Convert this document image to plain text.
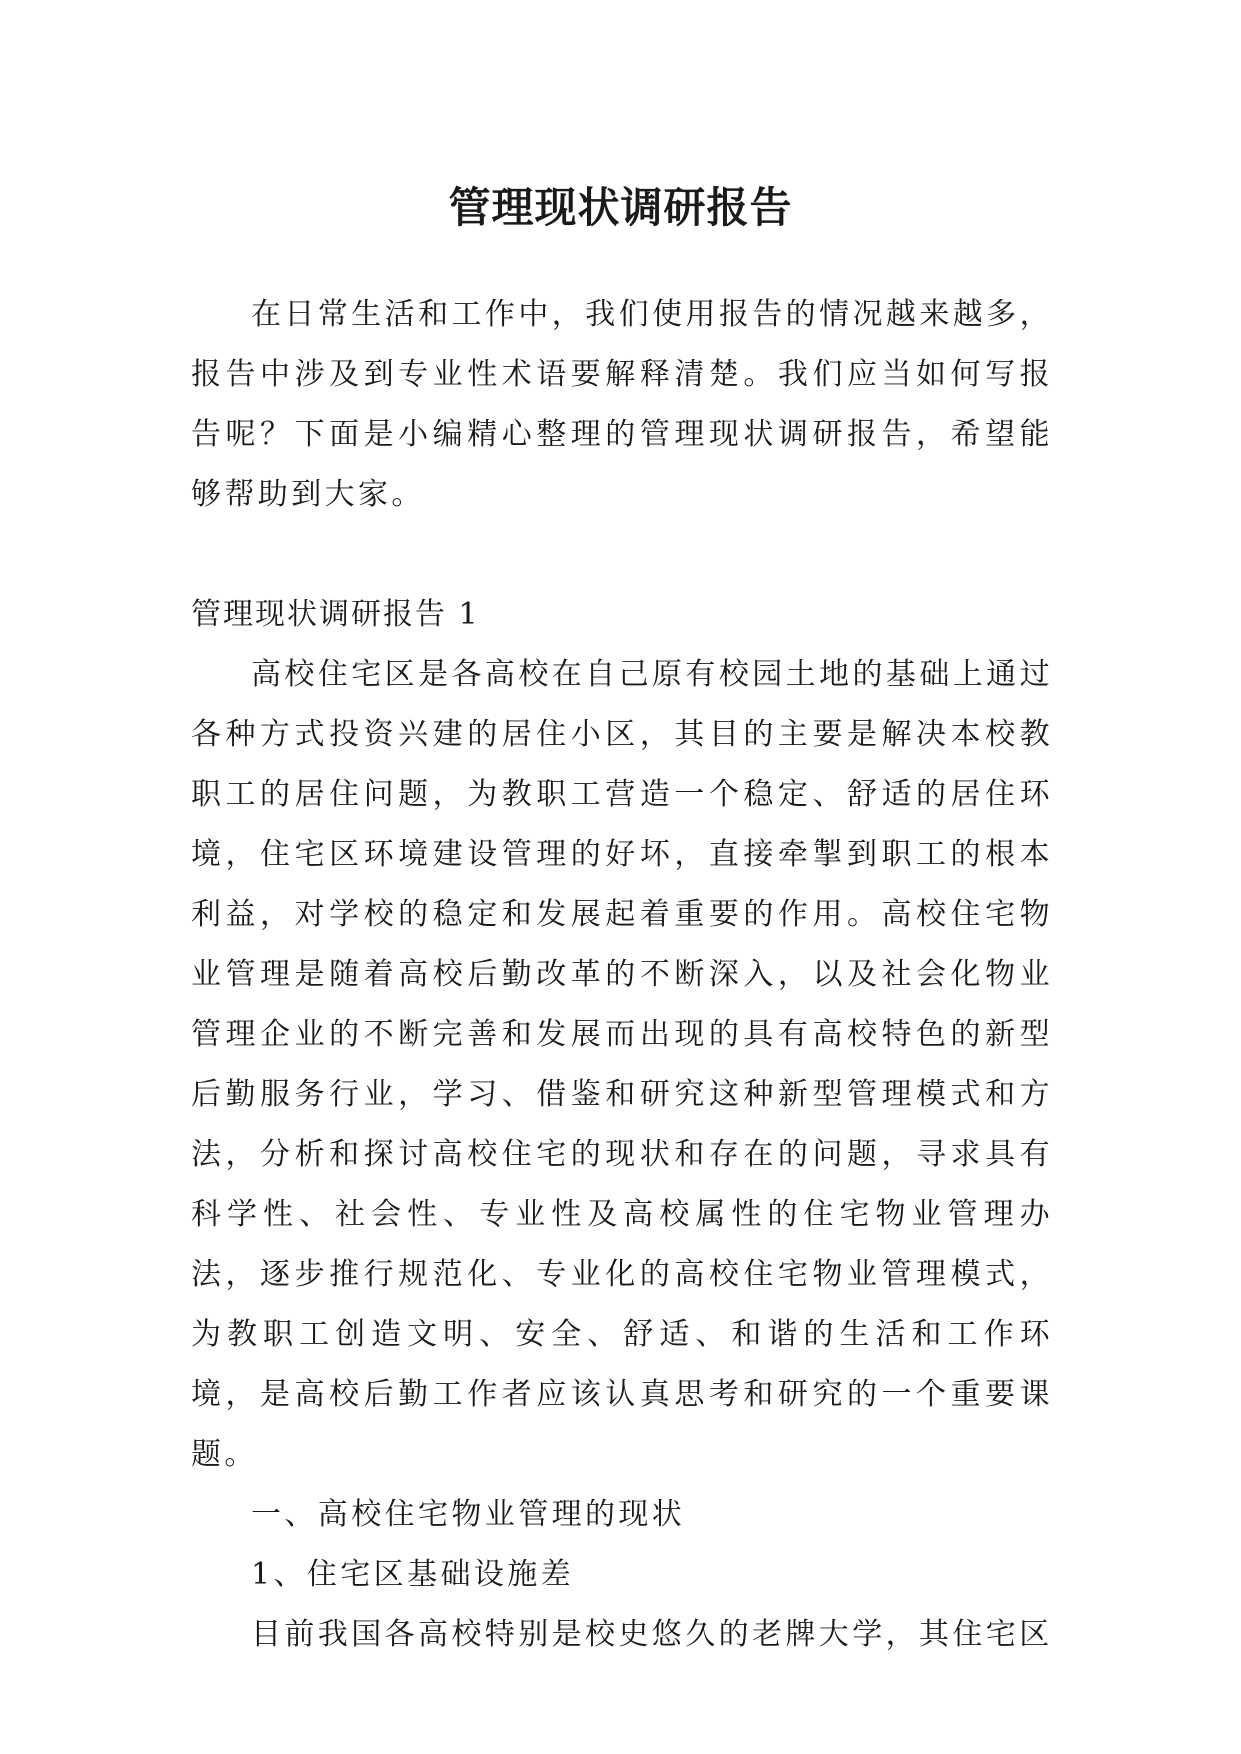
管理现状调研报告

在日常生活和工作中，我们使用报告的情况越来越多，报告中涉及到专业性术语要解释清楚。我们应当如何写报告呢？下面是小编精心整理的管理现状调研报告，希望能够帮助到大家。

管理现状调研报告 1

高校住宅区是各高校在自己原有校园土地的基础上通过各种方式投资兴建的居住小区，其目的主要是解决本校教职工的居住问题，为教职工营造一个稳定、舒适的居住环境，住宅区环境建设管理的好坏，直接牵掣到职工的根本利益，对学校的稳定和发展起着重要的作用。高校住宅物业管理是随着高校后勤改革的不断深入，以及社会化物业管理企业的不断完善和发展而出现的具有高校特色的新型后勤服务行业，学习、借鉴和研究这种新型管理模式和方法，分析和探讨高校住宅的现状和存在的问题，寻求具有科学性、社会性、专业性及高校属性的住宅物业管理办法，逐步推行规范化、专业化的高校住宅物业管理模式，为教职工创造文明、安全、舒适、和谐的生活和工作环境，是高校后勤工作者应该认真思考和研究的一个重要课题。

一、高校住宅物业管理的现状

1、住宅区基础设施差

目前我国各高校特别是校史悠久的老牌大学，其住宅区
